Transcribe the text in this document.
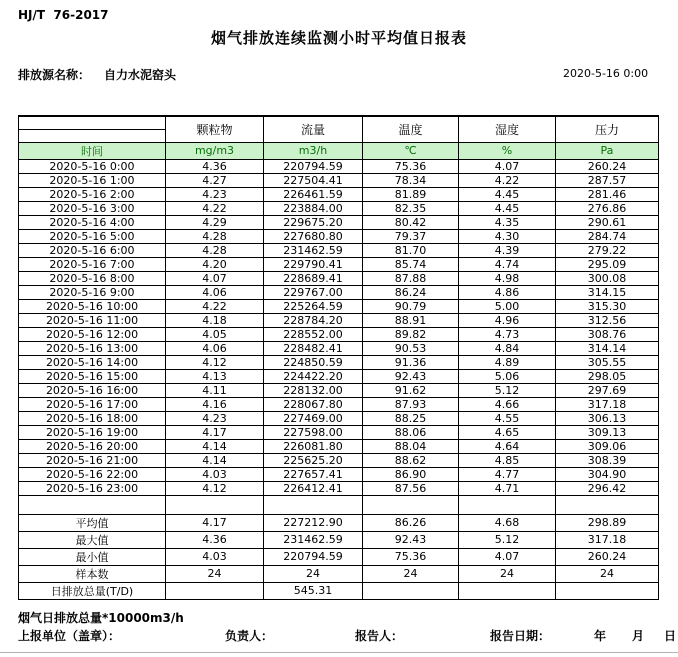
HJ/T  76-2017
烟气排放连续监测小时平均值日报表
排放源名称： 自力水泥窑头	2020-5-16 0:00
	颗粒物	流量	温度	湿度	压力

时间	mg/m3	m3/h	℃	%	Pa
2020-5-16 0:00	4.36	220794.59	75.36	4.07	260.24
2020-5-16 1:00	4.27	227504.41	78.34	4.22	287.57
2020-5-16 2:00	4.23	226461.59	81.89	4.45	281.46
2020-5-16 3:00	4.22	223884.00	82.35	4.45	276.86
2020-5-16 4:00	4.29	229675.20	80.42	4.35	290.61
2020-5-16 5:00	4.28	227680.80	79.37	4.30	284.74
2020-5-16 6:00	4.28	231462.59	81.70	4.39	279.22
2020-5-16 7:00	4.20	229790.41	85.74	4.74	295.09
2020-5-16 8:00	4.07	228689.41	87.88	4.98	300.08
2020-5-16 9:00	4.06	229767.00	86.24	4.86	314.15
2020-5-16 10:00	4.22	225264.59	90.79	5.00	315.30
2020-5-16 11:00	4.18	228784.20	88.91	4.96	312.56
2020-5-16 12:00	4.05	228552.00	89.82	4.73	308.76
2020-5-16 13:00	4.06	228482.41	90.53	4.84	314.14
2020-5-16 14:00	4.12	224850.59	91.36	4.89	305.55
2020-5-16 15:00	4.13	224422.20	92.43	5.06	298.05
2020-5-16 16:00	4.11	228132.00	91.62	5.12	297.69
2020-5-16 17:00	4.16	228067.80	87.93	4.66	317.18
2020-5-16 18:00	4.23	227469.00	88.25	4.55	306.13
2020-5-16 19:00	4.17	227598.00	88.06	4.65	309.13
2020-5-16 20:00	4.14	226081.80	88.04	4.64	309.06
2020-5-16 21:00	4.14	225625.20	88.62	4.85	308.39
2020-5-16 22:00	4.03	227657.41	86.90	4.77	304.90
2020-5-16 23:00	4.12	226412.41	87.56	4.71	296.42

平均值	4.17	227212.90	86.26	4.68	298.89
最大值	4.36	231462.59	92.43	5.12	317.18
最小值	4.03	220794.59	75.36	4.07	260.24
样本数	24	24	24	24	24
日排放总量(T/D)		545.31			
烟气日排放总量*10000m3/h
上报单位（盖章）：	负责人：	报告人：	报告日期：	年 月 日
